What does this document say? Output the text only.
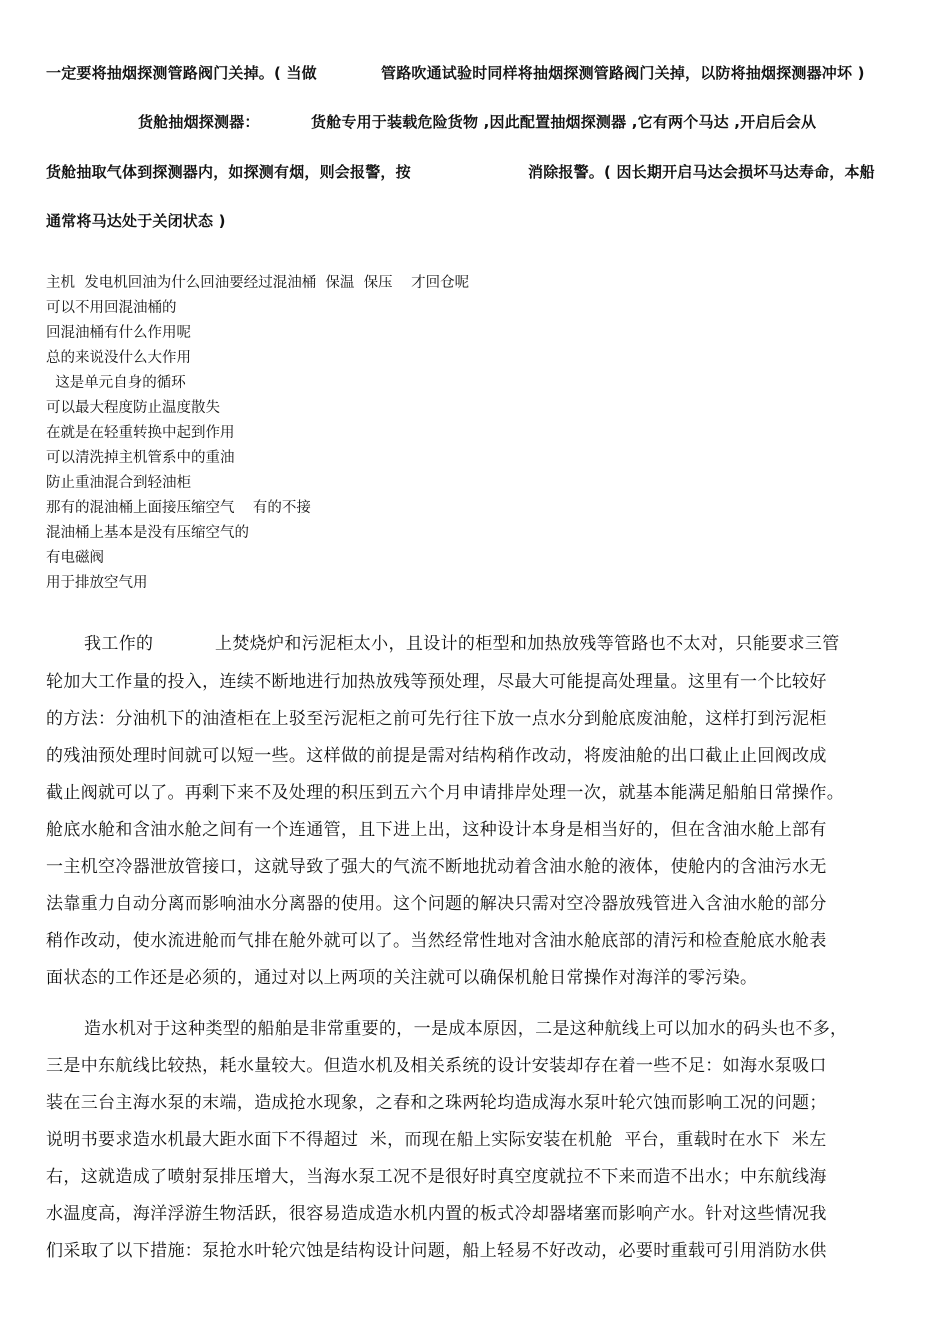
一定要将抽烟探测管路阀门关掉。( 当做	管路吹通试验时同样将抽烟探测管路阀门关掉，以防将抽烟探测器冲坏 )
货舱抽烟探测器：	货舱专用于装载危险货物 ,因此配置抽烟探测器 ,它有两个马达 ,开启后会从
货舱抽取气体到探测器内，如探测有烟，则会报警，按	消除报警。( 因长期开启马达会损坏马达寿命，本船
通常将马达处于关闭状态 )
主机  发电机回油为什么回油要经过混油桶  保温  保压    才回仓呢
可以不用回混油桶的
回混油桶有什么作用呢
总的来说没什么大作用
这是单元自身的循环
可以最大程度防止温度散失
在就是在轻重转换中起到作用
可以清洗掉主机管系中的重油
防止重油混合到轻油柜
那有的混油桶上面接压缩空气    有的不接
混油桶上基本是没有压缩空气的
有电磁阀
用于排放空气用
我工作的	上焚烧炉和污泥柜太小，且设计的柜型和加热放残等管路也不太对，只能要求三管
轮加大工作量的投入，连续不断地进行加热放残等预处理，尽最大可能提高处理量。这里有一个比较好
的方法：分油机下的油渣柜在上驳至污泥柜之前可先行往下放一点水分到舱底废油舱，这样打到污泥柜
的残油预处理时间就可以短一些。这样做的前提是需对结构稍作改动，将废油舱的出口截止止回阀改成
截止阀就可以了。再剩下来不及处理的积压到五六个月申请排岸处理一次，就基本能满足船舶日常操作。
舱底水舱和含油水舱之间有一个连通管，且下进上出，这种设计本身是相当好的，但在含油水舱上部有
一主机空冷器泄放管接口，这就导致了强大的气流不断地扰动着含油水舱的液体，使舱内的含油污水无
法靠重力自动分离而影响油水分离器的使用。这个问题的解决只需对空冷器放残管进入含油水舱的部分
稍作改动，使水流进舱而气排在舱外就可以了。当然经常性地对含油水舱底部的清污和检查舱底水舱表
面状态的工作还是必须的，通过对以上两项的关注就可以确保机舱日常操作对海洋的零污染。
造水机对于这种类型的船舶是非常重要的，一是成本原因，二是这种航线上可以加水的码头也不多，
三是中东航线比较热，耗水量较大。但造水机及相关系统的设计安装却存在着一些不足：如海水泵吸口
装在三台主海水泵的末端，造成抢水现象，之春和之珠两轮均造成海水泵叶轮穴蚀而影响工况的问题；
说明书要求造水机最大距水面下不得超过  米，而现在船上实际安装在机舱  平台，重载时在水下  米左
右，这就造成了喷射泵排压增大，当海水泵工况不是很好时真空度就拉不下来而造不出水；中东航线海
水温度高，海洋浮游生物活跃，很容易造成造水机内置的板式冷却器堵塞而影响产水。针对这些情况我
们采取了以下措施：泵抢水叶轮穴蚀是结构设计问题，船上轻易不好改动，必要时重载可引用消防水供
